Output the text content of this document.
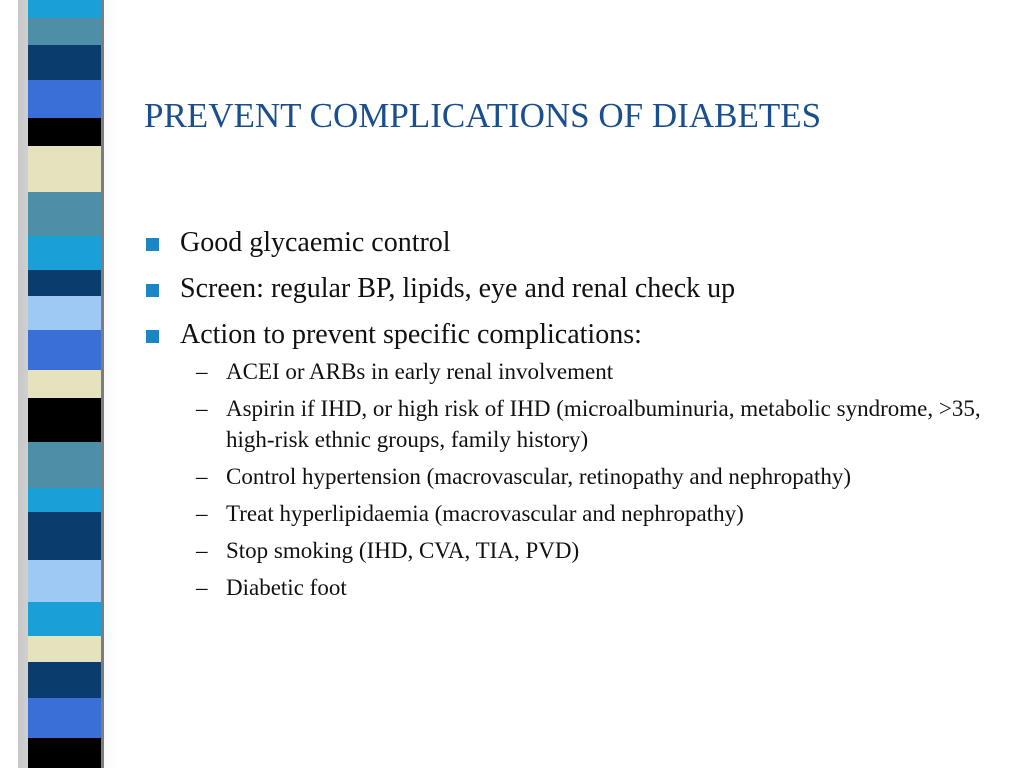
PREVENT COMPLICATIONS OF DIABETES
Good glycaemic control
Screen: regular BP, lipids, eye and renal check up
Action to prevent specific complications:
– ACEI or ARBs in early renal involvement
– Aspirin if IHD, or high risk of IHD (microalbuminuria, metabolic syndrome, >35, high-risk ethnic groups, family history)
– Control hypertension (macrovascular, retinopathy and nephropathy)
– Treat hyperlipidaemia (macrovascular and nephropathy)
– Stop smoking (IHD, CVA, TIA, PVD)
– Diabetic foot
